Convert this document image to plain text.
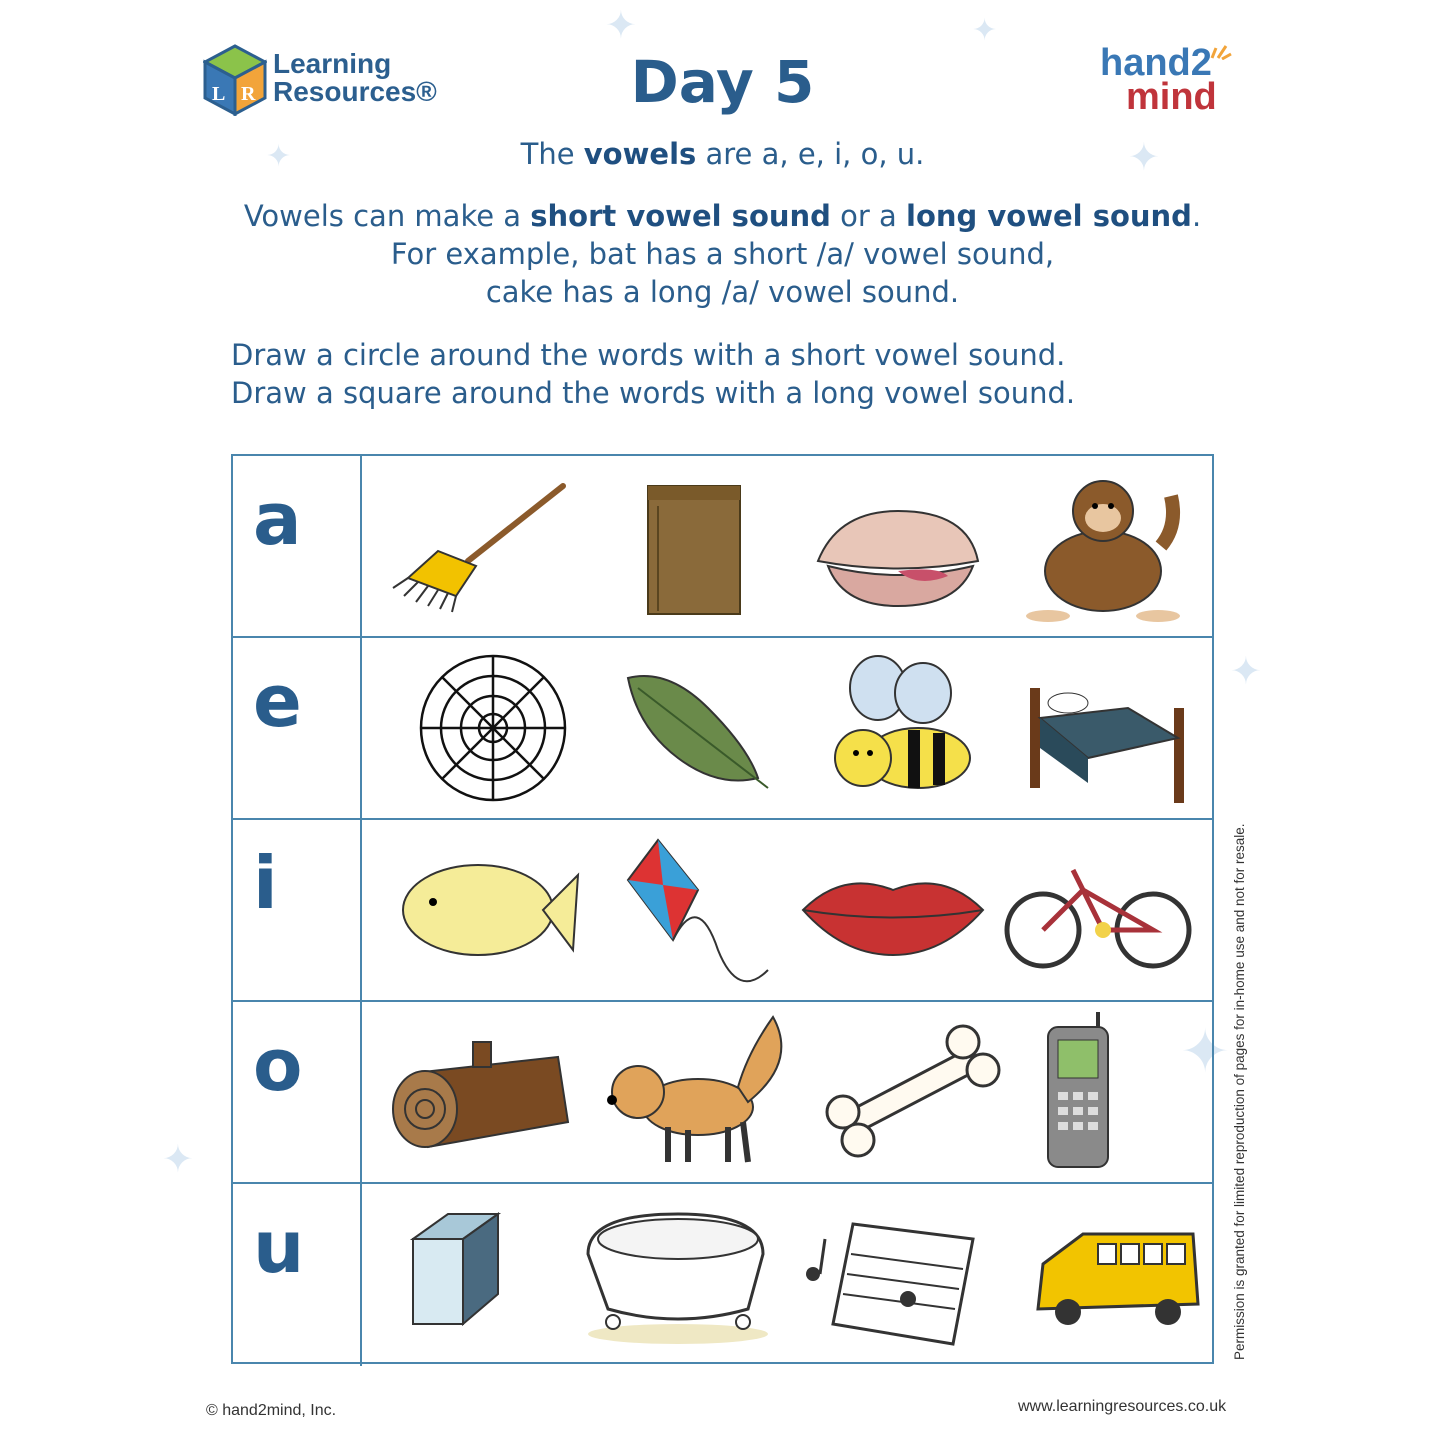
✦	✦
✦	✦
✦
✦
✦
L R
Learning
Resources®	Day 5	hand2
mind
The vowels are a, e, i, o, u.
Vowels can make a short vowel sound or a long vowel sound.
For example, bat has a short /a/ vowel sound,
cake has a long /a/ vowel sound.
Draw a circle around the words with a short vowel sound.
Draw a square around the words with a long vowel sound.
a
e
i
o
u	Permission is granted for limited reproduction of pages for in-home use and not for resale.
© hand2mind, Inc.	www.learningresources.co.uk
